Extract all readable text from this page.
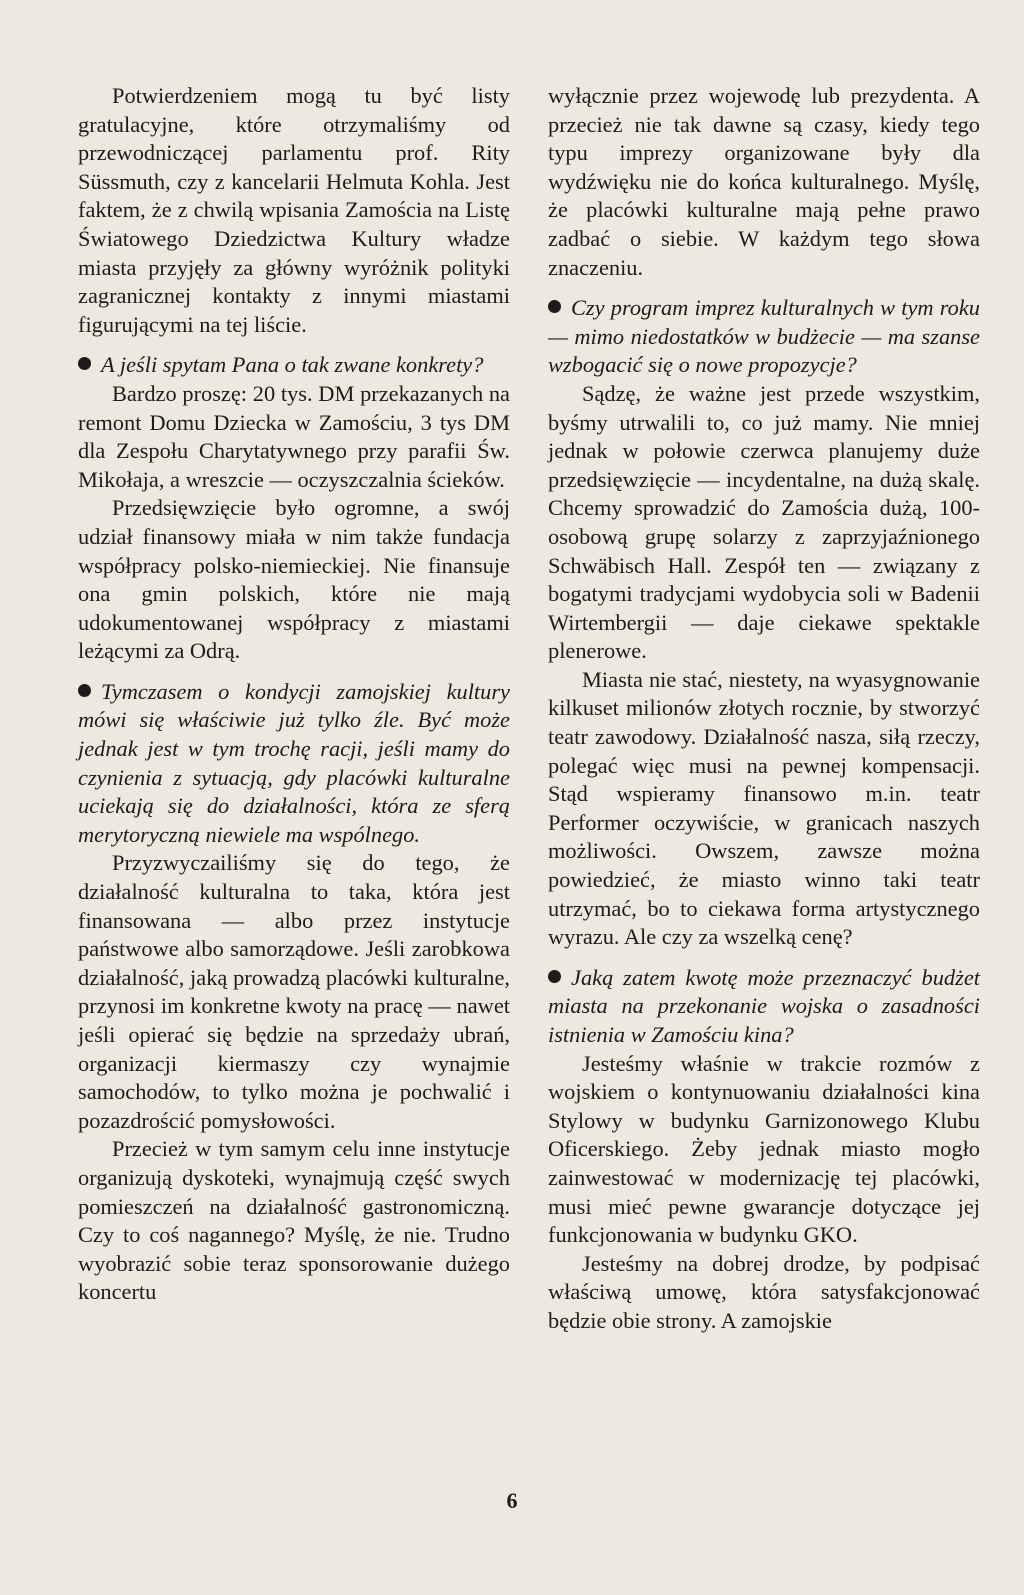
Potwierdzeniem mogą tu być listy gratulacyjne, które otrzymaliśmy od przewodniczącej parlamentu prof. Rity Süssmuth, czy z kancelarii Helmuta Kohla. Jest faktem, że z chwilą wpisania Zamościa na Listę Światowego Dziedzictwa Kultury władze miasta przyjęły za główny wyróżnik polityki zagranicznej kontakty z innymi miastami figurującymi na tej liście.

A jeśli spytam Pana o tak zwane konkrety?

Bardzo proszę: 20 tys. DM przekazanych na remont Domu Dziecka w Zamościu, 3 tys DM dla Zespołu Charytatywnego przy parafii Św. Mikołaja, a wreszcie — oczyszczalnia ścieków.

Przedsięwzięcie było ogromne, a swój udział finansowy miała w nim także fundacja współpracy polsko-niemieckiej. Nie finansuje ona gmin polskich, które nie mają udokumentowanej współpracy z miastami leżącymi za Odrą.

Tymczasem o kondycji zamojskiej kultury mówi się właściwie już tylko źle. Być może jednak jest w tym trochę racji, jeśli mamy do czynienia z sytuacją, gdy placówki kulturalne uciekają się do działalności, która ze sferą merytoryczną niewiele ma wspólnego.

Przyzwyczailiśmy się do tego, że działalność kulturalna to taka, która jest finansowana — albo przez instytucje państwowe albo samorządowe. Jeśli zarobkowa działalność, jaką prowadzą placówki kulturalne, przynosi im konkretne kwoty na pracę — nawet jeśli opierać się będzie na sprzedaży ubrań, organizacji kiermaszy czy wynajmie samochodów, to tylko można je pochwalić i pozazdrościć pomysłowości.

Przecież w tym samym celu inne instytucje organizują dyskoteki, wynajmują część swych pomieszczeń na działalność gastronomiczną. Czy to coś nagannego? Myślę, że nie. Trudno wyobrazić sobie teraz sponsorowanie dużego koncertu

wyłącznie przez wojewodę lub prezydenta. A przecież nie tak dawne są czasy, kiedy tego typu imprezy organizowane były dla wydźwięku nie do końca kulturalnego. Myślę, że placówki kulturalne mają pełne prawo zadbać o siebie. W każdym tego słowa znaczeniu.

Czy program imprez kulturalnych w tym roku — mimo niedostatków w budżecie — ma szanse wzbogacić się o nowe propozycje?

Sądzę, że ważne jest przede wszystkim, byśmy utrwalili to, co już mamy. Nie mniej jednak w połowie czerwca planujemy duże przedsięwzięcie — incydentalne, na dużą skalę. Chcemy sprowadzić do Zamościa dużą, 100-osobową grupę solarzy z zaprzyjaźnionego Schwäbisch Hall. Zespół ten — związany z bogatymi tradycjami wydobycia soli w Badenii Wirtembergii — daje ciekawe spektakle plenerowe.

Miasta nie stać, niestety, na wyasygnowanie kilkuset milionów złotych rocznie, by stworzyć teatr zawodowy. Działalność nasza, siłą rzeczy, polegać więc musi na pewnej kompensacji. Stąd wspieramy finansowo m.in. teatr Performer oczywiście, w granicach naszych możliwości. Owszem, zawsze można powiedzieć, że miasto winno taki teatr utrzymać, bo to ciekawa forma artystycznego wyrazu. Ale czy za wszelką cenę?

Jaką zatem kwotę może przeznaczyć budżet miasta na przekonanie wojska o zasadności istnienia w Zamościu kina?

Jesteśmy właśnie w trakcie rozmów z wojskiem o kontynuowaniu działalności kina Stylowy w budynku Garnizonowego Klubu Oficerskiego. Żeby jednak miasto mogło zainwestować w modernizację tej placówki, musi mieć pewne gwarancje dotyczące jej funkcjonowania w budynku GKO.

Jesteśmy na dobrej drodze, by podpisać właściwą umowę, która satysfakcjonować będzie obie strony. A zamojskie

6
